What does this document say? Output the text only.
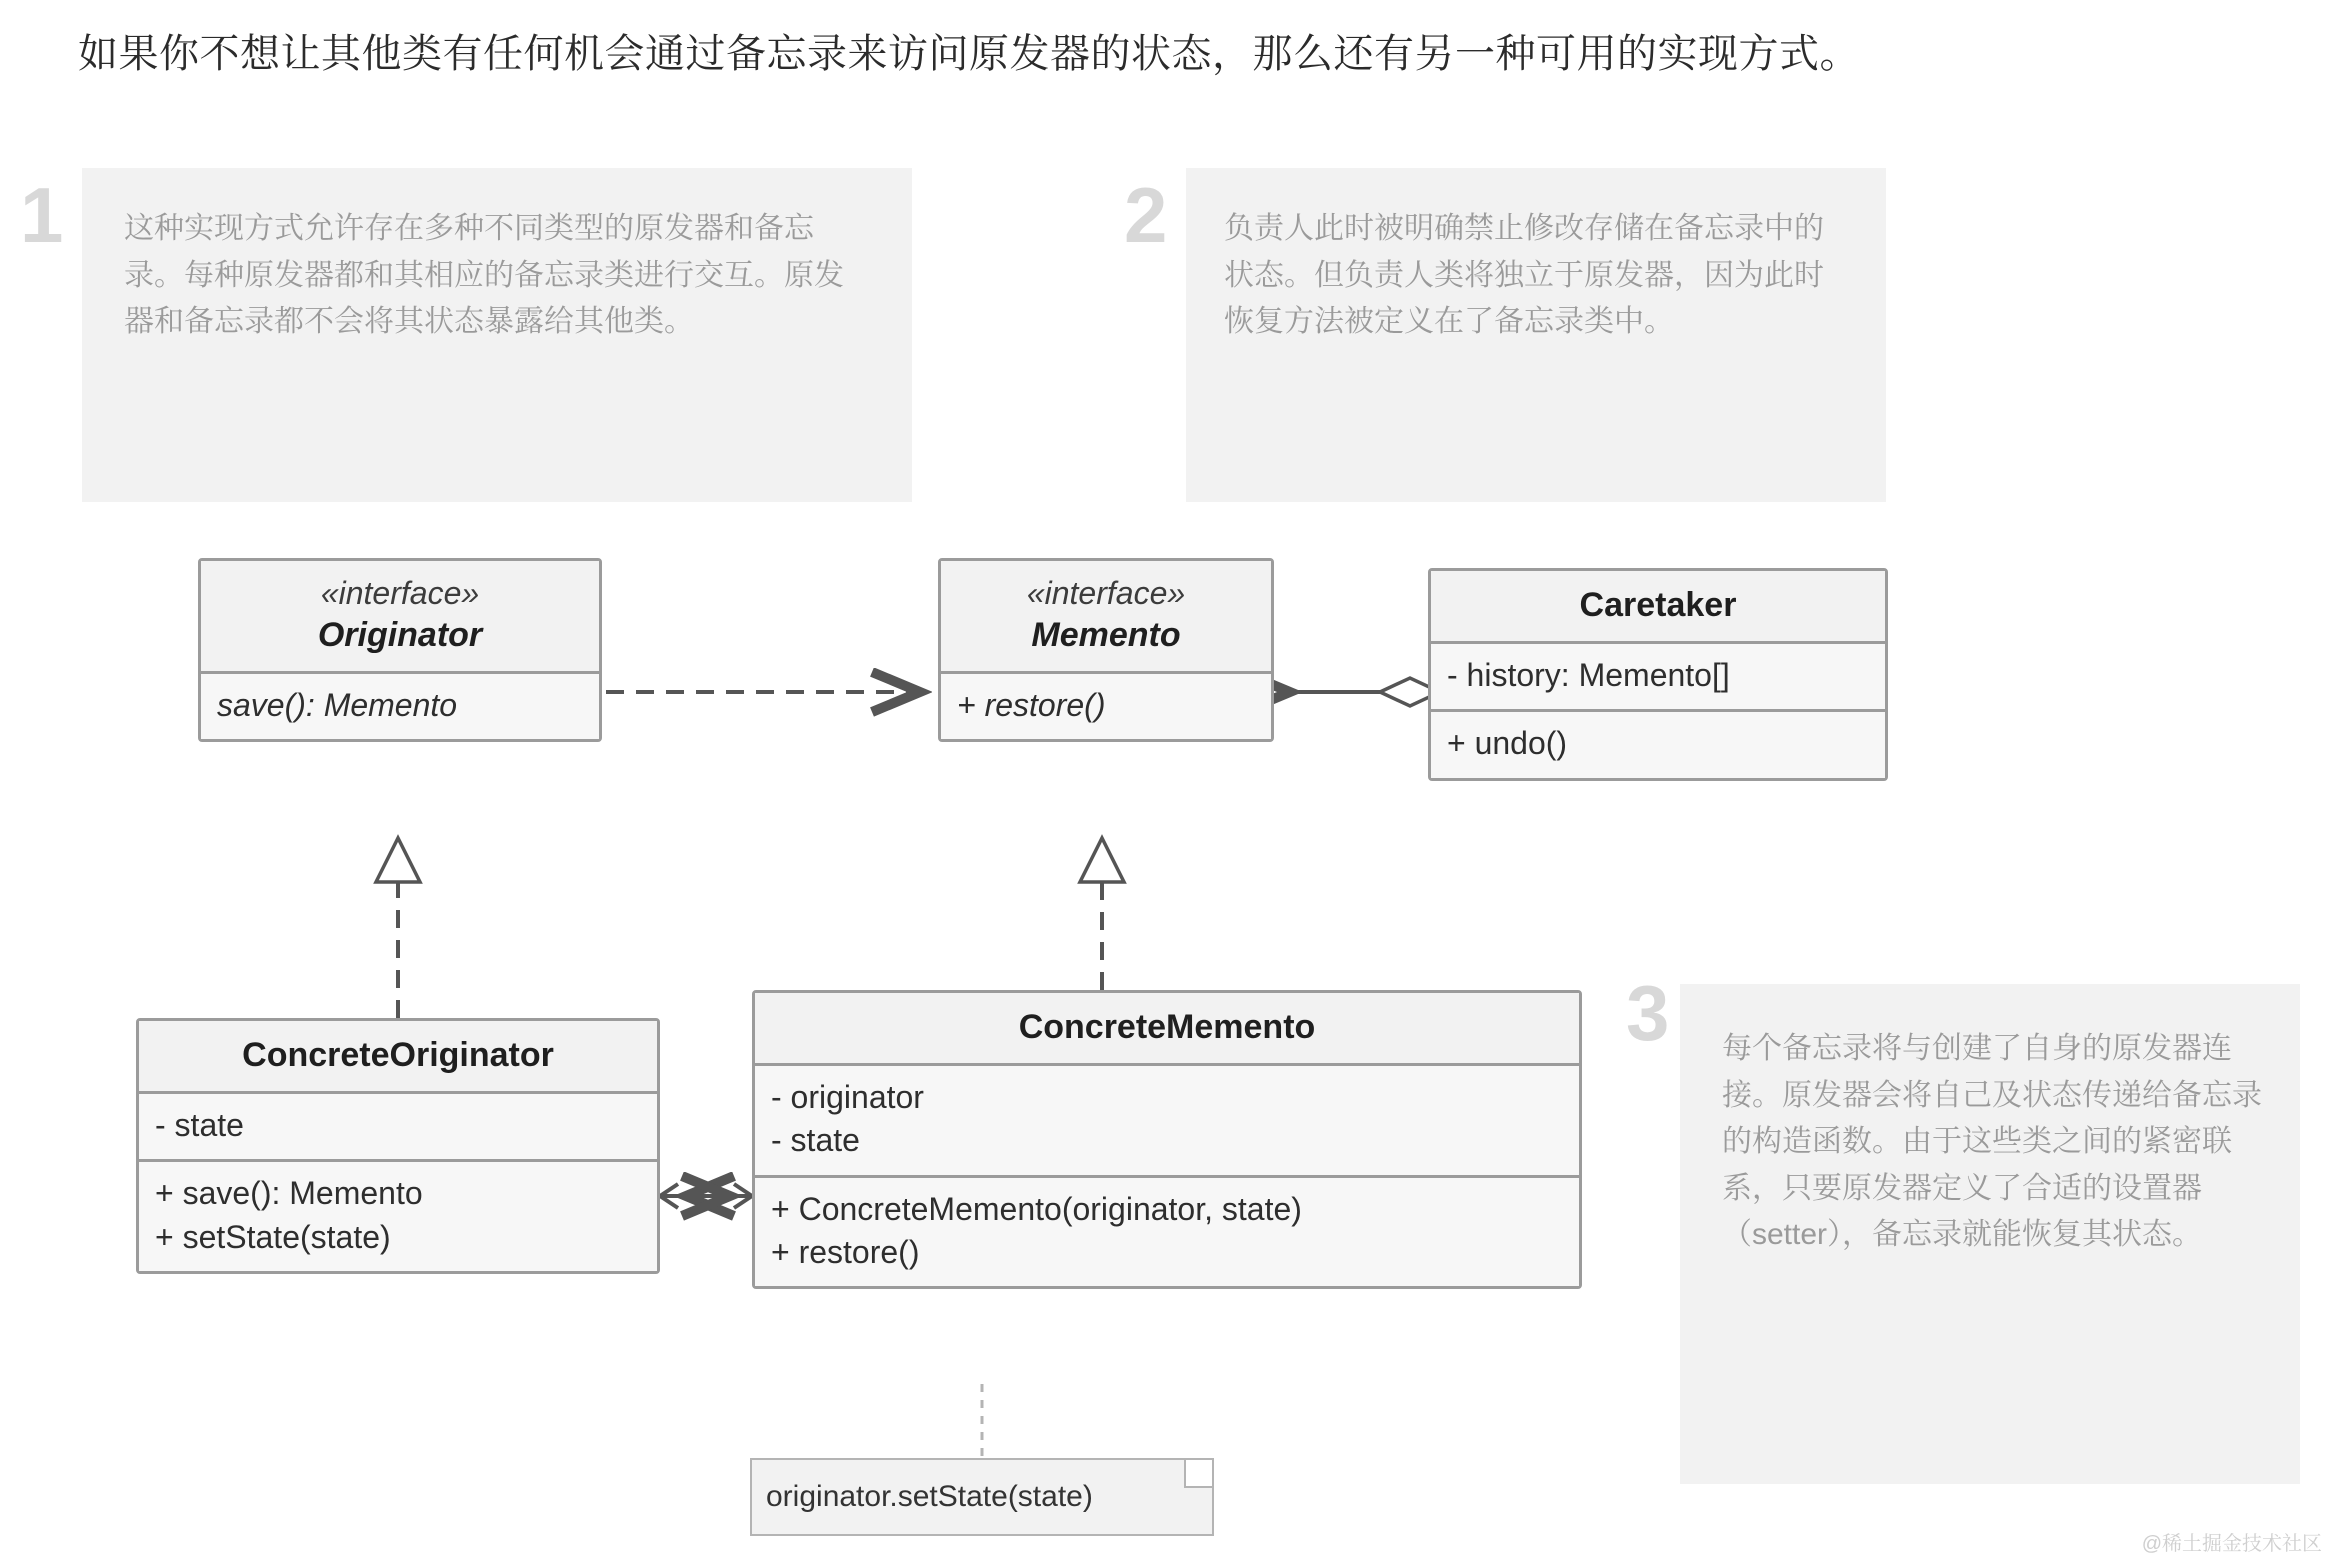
如果你不想让其他类有任何机会通过备忘录来访问原发器的状态，那么还有另一种可用的实现方式。
1 这种实现方式允许存在多种不同类型的原发器和备忘录。每种原发器都和其相应的备忘录类进行交互。原发器和备忘录都不会将其状态暴露给其他类。
2 负责人此时被明确禁止修改存储在备忘录中的状态。但负责人类将独立于原发器，因为此时恢复方法被定义在了备忘录类中。
3 每个备忘录将与创建了自身的原发器连接。原发器会将自己及状态传递给备忘录的构造函数。由于这些类之间的紧密联系，只要原发器定义了合适的设置器（setter），备忘录就能恢复其状态。
«interface»
Originator
save(): Memento
«interface»
Memento
+ restore()
Caretaker
- history: Memento[]
+ undo()
ConcreteOriginator
- state
+ save(): Memento
+ setState(state)
ConcreteMemento
- originator
- state
+ ConcreteMemento(originator, state)
+ restore()
originator.setState(state)
@稀土掘金技术社区
